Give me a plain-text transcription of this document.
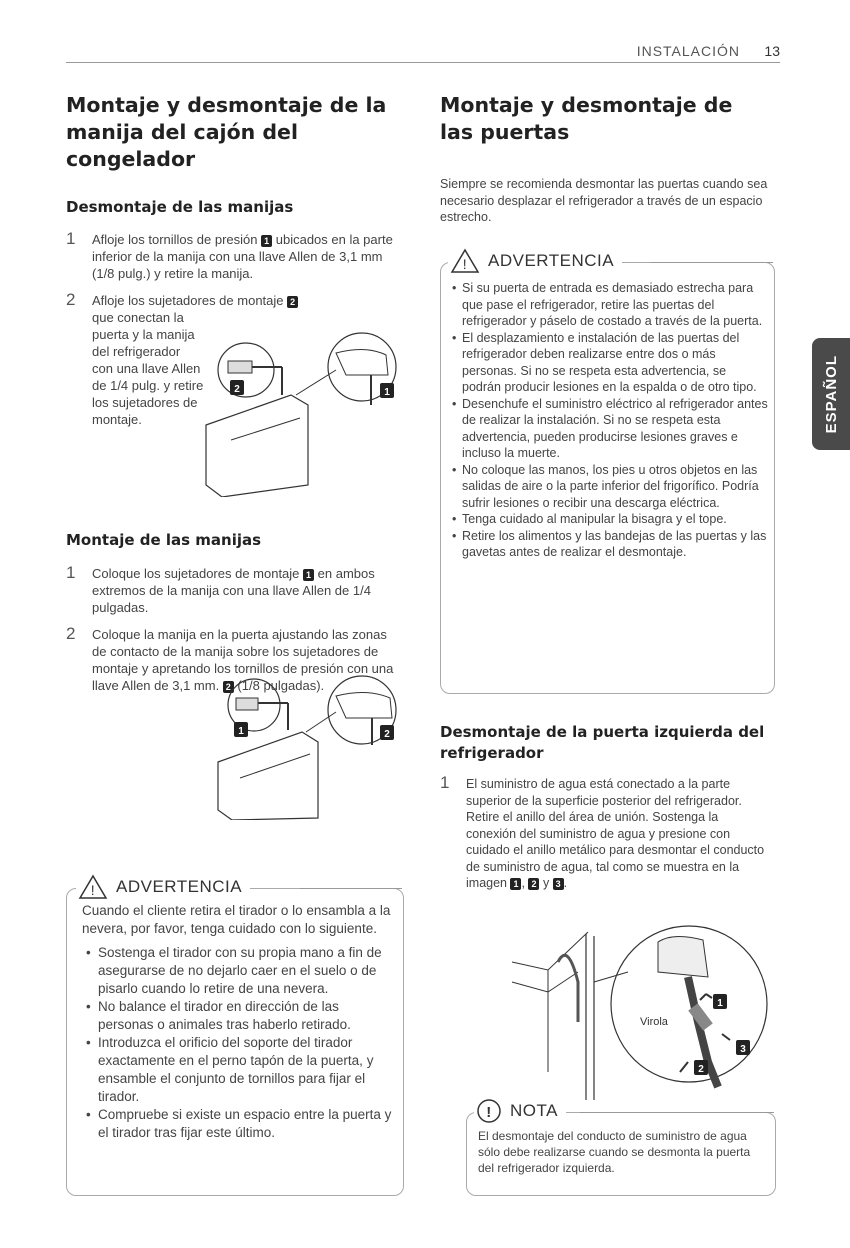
INSTALACIÓN 13
ESPAÑOL
Montaje y desmontaje de la manija del cajón del congelador
Desmontaje de las manijas
1 Afloje los tornillos de presión 1 ubicados en la parte inferior de la manija con una llave Allen de 3,1 mm (1/8 pulg.) y retire la manija.
2 Afloje los sujetadores de montaje 2
que conectan la puerta y la manija del refrigerador con una llave Allen de 1/4 pulg. y retire los sujetadores de montaje.
2	1
Montaje de las manijas
1 Coloque los sujetadores de montaje 1 en ambos extremos de la manija con una llave Allen de 1/4 pulgadas.
2 Coloque la manija en la puerta ajustando las zonas de contacto de la manija sobre los sujetadores de montaje y apretando los tornillos de presión con una llave Allen de 3,1 mm. 2 (1/8 pulgadas).
1	2
! ADVERTENCIA
Cuando el cliente retira el tirador o lo ensambla a la nevera, por favor, tenga cuidado con lo siguiente.
• Sostenga el tirador con su propia mano a fin de asegurarse de no dejarlo caer en el suelo o de pisarlo cuando lo retire de una nevera.
• No balance el tirador en dirección de las personas o animales tras haberlo retirado.
• Introduzca el orificio del soporte del tirador exactamente en el perno tapón de la puerta, y ensamble el conjunto de tornillos para fijar el tirador.
• Compruebe si existe un espacio entre la puerta y el tirador tras fijar este último.
Montaje y desmontaje de las puertas
Siempre se recomienda desmontar las puertas cuando sea necesario desplazar el refrigerador a través de un espacio estrecho.
! ADVERTENCIA
• Si su puerta de entrada es demasiado estrecha para que pase el refrigerador, retire las puertas del refrigerador y páselo de costado a través de la puerta.
• El desplazamiento e instalación de las puertas del refrigerador deben realizarse entre dos o más personas. Si no se respeta esta advertencia, se podrán producir lesiones en la espalda o de otro tipo.
• Desenchufe el suministro eléctrico al refrigerador antes de realizar la instalación. Si no se respeta esta advertencia, pueden producirse lesiones graves e incluso la muerte.
• No coloque las manos, los pies u otros objetos en las salidas de aire o la parte inferior del frigorífico. Podría sufrir lesiones o recibir una descarga eléctrica.
• Tenga cuidado al manipular la bisagra y el tope.
• Retire los alimentos y las bandejas de las puertas y las gavetas antes de realizar el desmontaje.
Desmontaje de la puerta izquierda del refrigerador
1 El suministro de agua está conectado a la parte superior de la superficie posterior del refrigerador. Retire el anillo del área de unión. Sostenga la conexión del suministro de agua y presione con cuidado el anillo metálico para desmontar el conducto de suministro de agua, tal como se muestra en la imagen 1 , 2 y 3 .
1
3
2
Virola
! NOTA
El desmontaje del conducto de suministro de agua sólo debe realizarse cuando se desmonta la puerta del refrigerador izquierda.
